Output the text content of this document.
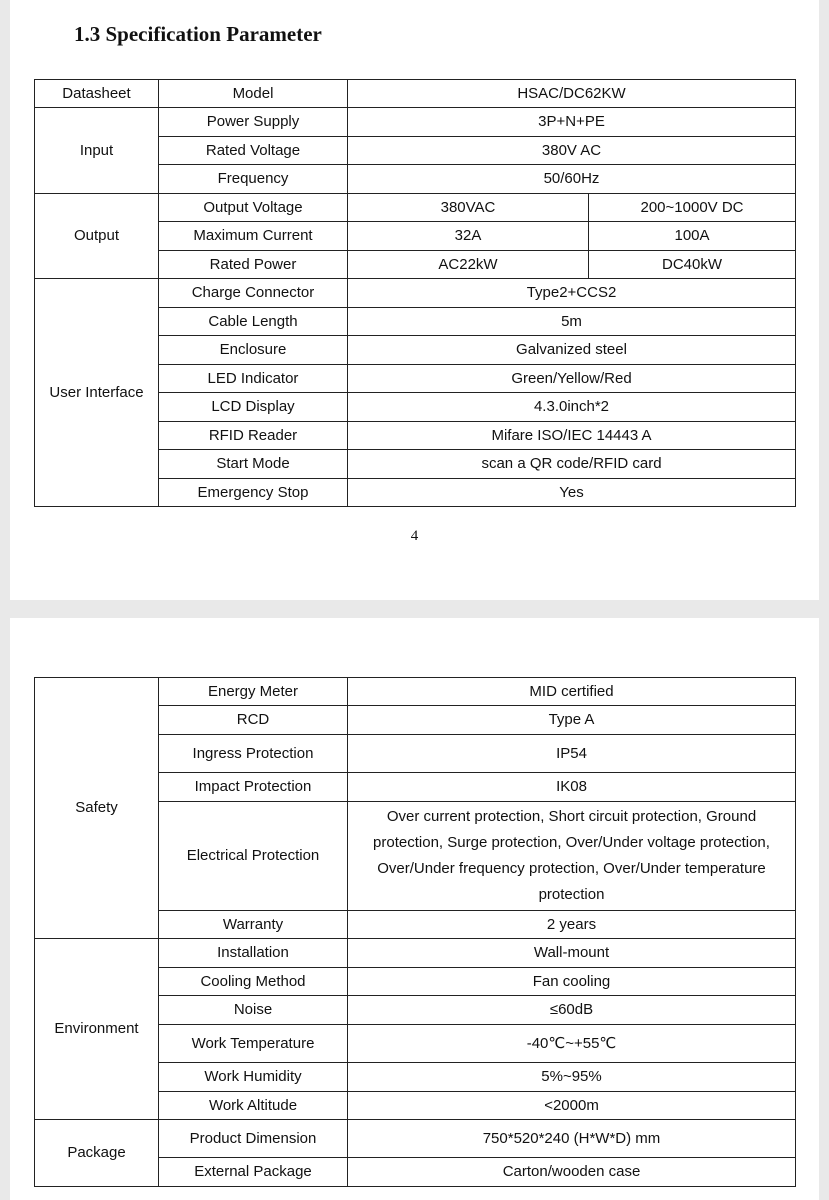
1.3 Specification Parameter
Datasheet	Model	HSAC/DC62KW	
Input	Power Supply	3P+N+PE	
	Rated Voltage	380V AC	
	Frequency	50/60Hz	
Output	Output Voltage	380VAC	200~1000V DC
	Maximum Current	32A	100A
	Rated Power	AC22kW	DC40kW
User Interface	Charge Connector	Type2+CCS2	
	Cable Length	5m	
	Enclosure	Galvanized steel	
	LED Indicator	Green/Yellow/Red	
	LCD Display	4.3.0inch*2	
	RFID Reader	Mifare ISO/IEC 14443 A	
	Start Mode	scan a QR code/RFID card	
	Emergency Stop	Yes	
4
Safety	Energy Meter	MID certified
	RCD	Type A
	Ingress Protection	IP54
	Impact Protection	IK08
	Electrical Protection	Over current protection, Short circuit protection, Ground protection, Surge protection, Over/Under voltage protection, Over/Under frequency protection, Over/Under temperature protection
	Warranty	2 years
Environment	Installation	Wall-mount
	Cooling Method	Fan cooling
	Noise	≤60dB
	Work Temperature	-40℃~+55℃
	Work Humidity	5%~95%
	Work Altitude	<2000m
Package	Product Dimension	750*520*240 (H*W*D) mm
	External Package	Carton/wooden case
